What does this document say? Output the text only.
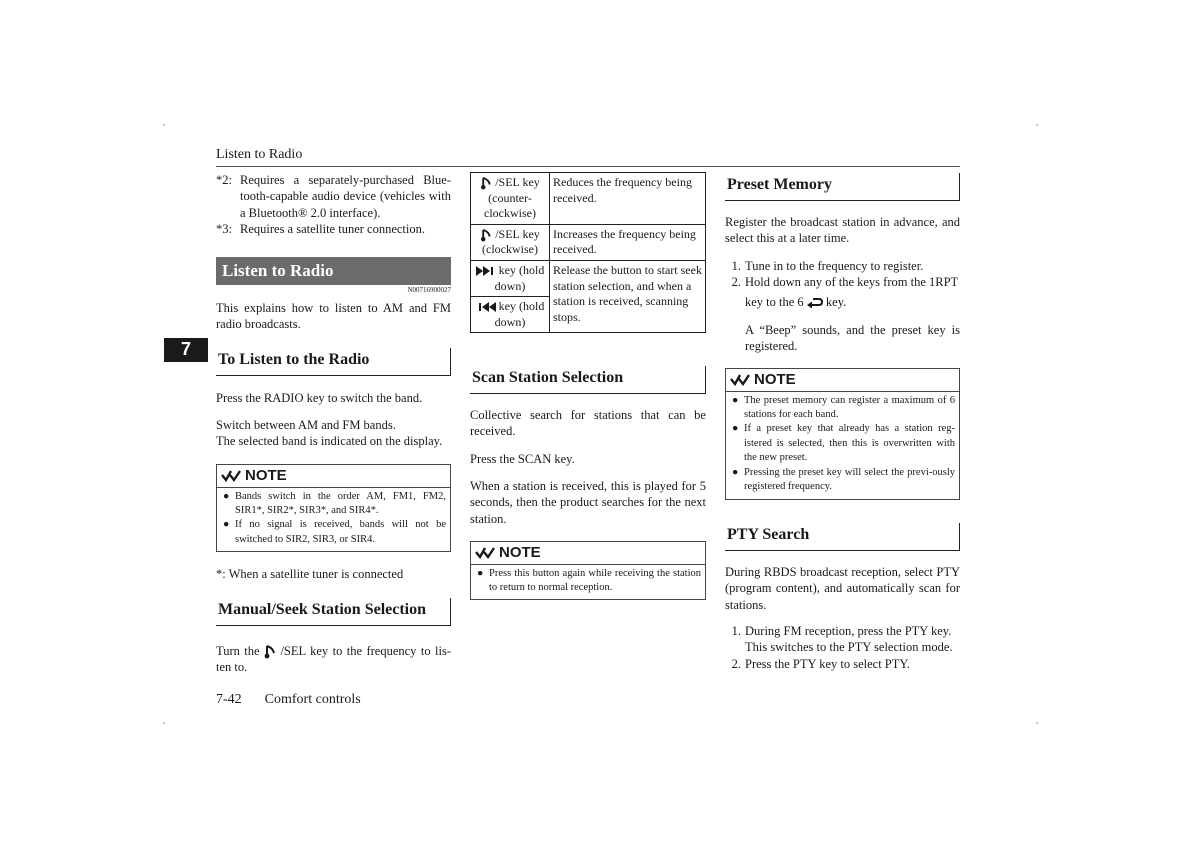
Listen to Radio
7
*2: Requires a separately-purchased Blue-tooth-capable audio device (vehicles with a Bluetooth® 2.0 interface).
*3: Requires a satellite tuner connection.
Listen to Radio
N00716900027
This explains how to listen to AM and FM radio broadcasts.
To Listen to the Radio
Press the RADIO key to switch the band.
Switch between AM and FM bands.
The selected band is indicated on the display.
NOTE
● Bands switch in the order AM, FM1, FM2, SIR1*, SIR2*, SIR3*, and SIR4*.
● If no signal is received, bands will not be switched to SIR2, SIR3, or SIR4.
*: When a satellite tuner is connected
Manual/Seek Station Selection
Turn the /SEL key to the frequency to lis-ten to.
/SEL key (counter-clockwise)	Reduces the frequency being received.
/SEL key (clockwise)	Increases the frequency being received.
key (hold down)	Release the button to start seek station selection, and when a station is received, scanning stops.
key (hold down)	
Scan Station Selection
Collective search for stations that can be received.
Press the SCAN key.
When a station is received, this is played for 5 seconds, then the product searches for the next station.
NOTE
● Press this button again while receiving the station to return to normal reception.
Preset Memory
Register the broadcast station in advance, and select this at a later time.
1. Tune in to the frequency to register.
2. Hold down any of the keys from the 1RPT
key to the 6 key.
A “Beep” sounds, and the preset key is registered.
NOTE
● The preset memory can register a maximum of 6 stations for each band.
● If a preset key that already has a station reg-istered is selected, then this is overwritten with the new preset.
● Pressing the preset key will select the previ-ously registered frequency.
PTY Search
During RBDS broadcast reception, select PTY (program content), and automatically scan for stations.
1. During FM reception, press the PTY key.
This switches to the PTY selection mode.
2. Press the PTY key to select PTY.
7-42 Comfort controls
